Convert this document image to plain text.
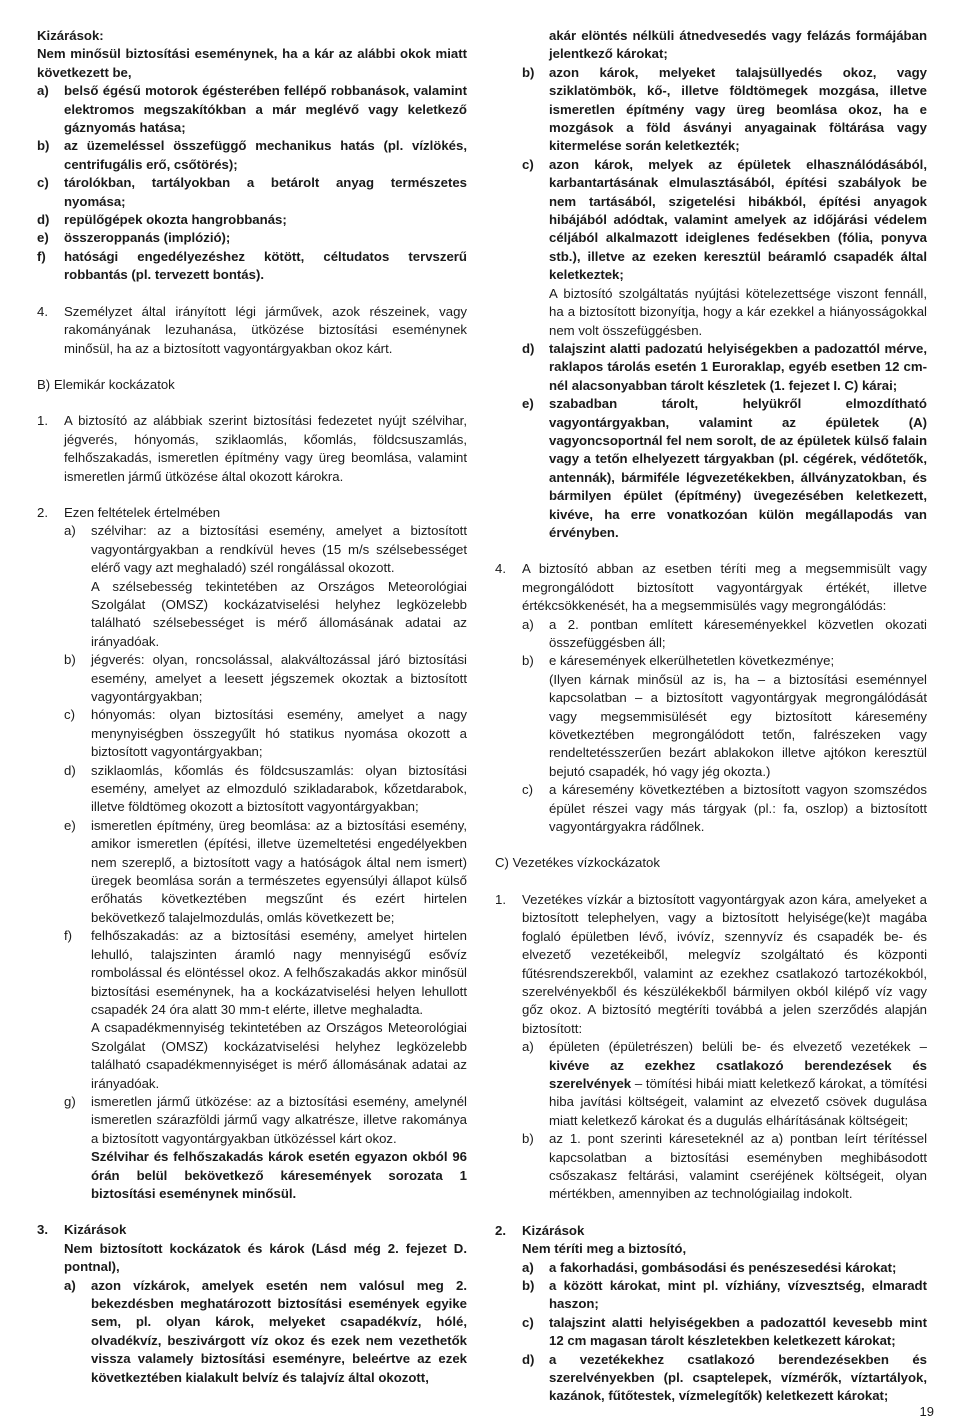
Kizárások:
Nem minősül biztosítási eseménynek, ha a kár az alábbi okok miatt következett be,
a)	belső égésű motorok égésterében fellépő robbanások, valamint elektromos megszakítókban a már meglévő vagy keletkező gáznyomás hatása;
b)	az üzemeléssel összefüggő mechanikus hatás (pl. vízlökés, centrifugális erő, csőtörés);
c)	tárolókban, tartályokban a betárolt anyag természetes nyomása;
d)	repülőgépek okozta hangrobbanás;
e)	összeroppanás (implózió);
f)	hatósági engedélyezéshez kötött, céltudatos tervszerű robbantás (pl. tervezett bontás).
4.	Személyzet által irányított légi járművek, azok részeinek, vagy rakományának lezuhanása, ütközése biztosítási eseménynek minősül, ha az a biztosított vagyontárgyakban okoz kárt.
B) Elemikár kockázatok
1.	A biztosító az alábbiak szerint biztosítási fedezetet nyújt szélvihar, jégverés, hónyomás, sziklaomlás, kőomlás, földcsuszamlás, felhőszakadás, ismeretlen építmény vagy üreg beomlása, valamint ismeretlen jármű ütközése által okozott károkra.
2.	Ezen feltételek értelmében
a)	szélvihar: az a biztosítási esemény, amelyet a biztosított vagyontárgyakban a rendkívül heves (15 m/s szélsebességet elérő vagy azt meghaladó) szél rongálással okozott.
A szélsebesség tekintetében az Országos Meteorológiai Szolgálat (OMSZ) kockázatviselési helyhez legközelebb található szélsebességet is mérő állomásának adatai az irányadóak.
b)	jégverés: olyan, roncsolással, alakváltozással járó biztosítási esemény, amelyet a leesett jégszemek okoztak a biztosított vagyontárgyakban;
c)	hónyomás: olyan biztosítási esemény, amelyet a nagy menynyiségben összegyűlt hó statikus nyomása okozott a biztosított vagyontárgyakban;
d)	sziklaomlás, kőomlás és földcsuszamlás: olyan biztosítási esemény, amelyet az elmozduló szikladarabok, kőzetdarabok, illetve földtömeg okozott a biztosított vagyontárgyakban;
e)	ismeretlen építmény, üreg beomlása: az a biztosítási esemény, amikor ismeretlen (építési, illetve üzemeltetési engedélyekben nem szereplő, a biztosított vagy a hatóságok által nem ismert) üregek beomlása során a természetes egyensúlyi állapot külső erőhatás következtében megszűnt és ezért hirtelen bekövetkező talajelmozdulás, omlás következett be;
f)	felhőszakadás: az a biztosítási esemény, amelyet hirtelen lehulló, talajszinten áramló nagy mennyiségű esővíz rombolással és elöntéssel okoz. A felhőszakadás akkor minősül biztosítási eseménynek, ha a kockázatviselési helyen lehullott csapadék 24 óra alatt 30 mm-t elérte, illetve meghaladta.
A csapadékmennyiség tekintetében az Országos Meteorológiai Szolgálat (OMSZ) kockázatviselési helyhez legközelebb található csapadékmennyiséget is mérő állomásának adatai az irányadóak.
g)	ismeretlen jármű ütközése: az a biztosítási esemény, amelynél ismeretlen szárazföldi jármű vagy alkatrésze, illetve rakománya a biztosított vagyontárgyakban ütközéssel kárt okoz.
Szélvihar és felhőszakadás károk esetén egyazon okból 96 órán belül bekövetkező káresemények sorozata 1 biztosítási eseménynek minősül.
3.	Kizárások
Nem biztosított kockázatok és károk (Lásd még 2. fejezet D. pontnal),
a)	azon vízkárok, amelyek esetén nem valósul meg 2. bekezdésben meghatározott biztosítási események egyike sem, pl. olyan károk, melyeket csapadékvíz, hólé, olvadékvíz, beszivárgott víz okoz és ezek nem vezethetők vissza valamely biztosítási eseményre, beleértve az ezek következtében kialakult belvíz és talajvíz által okozott,
akár elöntés nélküli átnedvesedés vagy felázás formájában jelentkező károkat;
b)	azon károk, melyeket talajsüllyedés okoz, vagy sziklatömbök, kő-, illetve földtömegek mozgása, illetve ismeretlen építmény vagy üreg beomlása okoz, ha e mozgások a föld ásványi anyagainak föltárása vagy kitermelése során keletkezték;
c)	azon károk, melyek az épületek elhasználódásából, karbantartásának elmulasztásából, építési szabályok be nem tartásából, szigetelési hibákból, építési anyagok hibájából adódtak, valamint amelyek az időjárási védelem céljából alkalmazott ideiglenes fedésekben (fólia, ponyva stb.), illetve az ezeken keresztül beáramló csapadék által keletkeztek;
A biztosító szolgáltatás nyújtási kötelezettsége viszont fennáll, ha a biztosított bizonyítja, hogy a kár ezekkel a hiányosságokkal nem volt összefüggésben.
d)	talajszint alatti padozatú helyiségekben a padozattól mérve, raklapos tárolás esetén 1 Euroraklap, egyéb esetben 12 cm-nél alacsonyabban tárolt készletek (1. fejezet I. C) kárai;
e)	szabadban tárolt, helyükről elmozdítható vagyontárgyakban, valamint az épületek (A) vagyoncsoportnál fel nem sorolt, de az épületek külső falain vagy a tetőn elhelyezett tárgyakban (pl. cégérek, védőtetők, antennák), bármiféle légvezetékekben, állványzatokban, és bármilyen épület (építmény) üvegezésében keletkezett, kivéve, ha erre vonatkozóan külön megállapodás van érvényben.
4.	A biztosító abban az esetben téríti meg a megsemmisült vagy megrongálódott biztosított vagyontárgyak értékét, illetve értékcsökkenését, ha a megsemmisülés vagy megrongálódás:
a)	a 2. pontban említett káreseményekkel közvetlen okozati összefüggésben áll;
b)	e káresemények elkerülhetetlen következménye;
(Ilyen kárnak minősül az is, ha – a biztosítási eseménnyel kapcsolatban – a biztosított vagyontárgyak megrongálódását vagy megsemmisülését egy biztosított káresemény következtében megrongálódott tetőn, falrészeken vagy rendeltetésszerűen bezárt ablakokon illetve ajtókon keresztül bejutó csapadék, hó vagy jég okozta.)
c)	a káresemény következtében a biztosított vagyon szomszédos épület részei vagy más tárgyak (pl.: fa, oszlop) a biztosított vagyontárgyakra rádőlnek.
C) Vezetékes vízkockázatok
1.	Vezetékes vízkár a biztosított vagyontárgyak azon kára, amelyeket a biztosított telephelyen, vagy a biztosított helyisége(ke)t magába foglaló épületben lévő, ivóvíz, szennyvíz és csapadék be- és elvezető vezetékeiből, melegvíz szolgáltató és központi fűtésrendszerekből, valamint az ezekhez csatlakozó tartozékokból, szerelvényekből és készülékekből bármilyen okból kilépő víz vagy gőz okoz. A biztosító megtéríti továbbá a jelen szerződés alapján biztosított:
a)	épületen (épületrészen) belüli be- és elvezető vezetékek – kivéve az ezekhez csatlakozó berendezések és szerelvények – tömítési hibái miatt keletkező károkat, a tömítési hiba javítási költségeit, valamint az elvezető csövek dugulása miatt keletkező károkat és a dugulás elhárításának költségeit;
b)	az 1. pont szerinti káreseteknél az a) pontban leírt térítéssel kapcsolatban a biztosítási eseményben meghibásodott csőszakasz feltárási, valamint cseréjének költségeit, olyan mértékben, amennyiben az technológiailag indokolt.
2.	Kizárások
Nem téríti meg a biztosító,
a)	a fakorhadási, gombásodási és penészesedési károkat;
b)	a között károkat, mint pl. vízhiány, vízvesztség, elmaradt haszon;
c)	talajszint alatti helyiségekben a padozattól kevesebb mint 12 cm magasan tárolt készletekben keletkezett károkat;
d)	a vezetékekhez csatlakozó berendezésekben és szerelvényekben (pl. csaptelepek, vízmérők, víztartályok, kazánok, fűtőtestek, vízmelegítők) keletkezett károkat;
19
